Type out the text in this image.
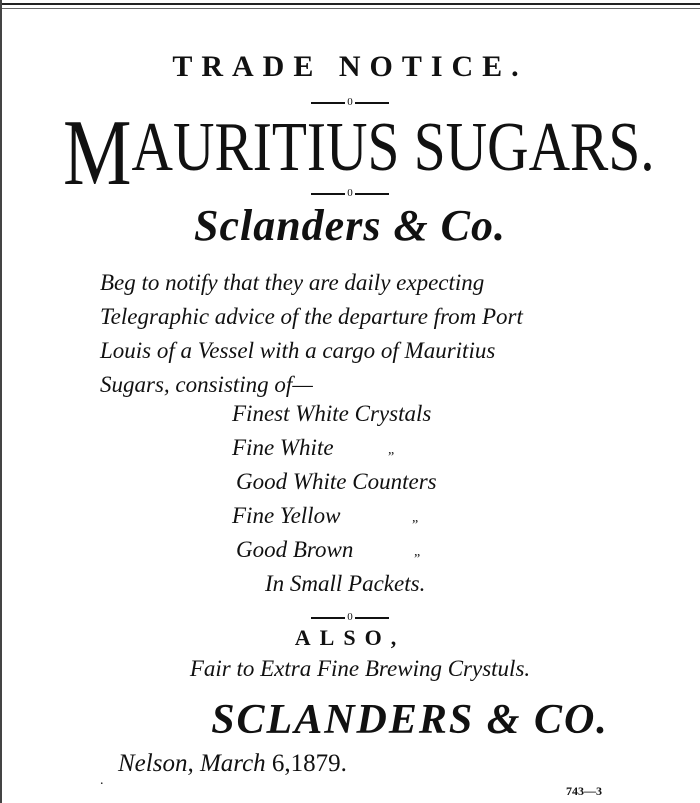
TRADE NOTICE.
0
MAURITIUS SUGARS.
0
Sclanders & Co.
Beg to notify that they are daily expecting
Telegraphic advice of the departure from Port
Louis of a Vessel with a cargo of Mauritius
Sugars, consisting of—
Finest White Crystals
Fine White	”
Good White Counters
Fine Yellow	”
Good Brown	”
In Small Packets.
0
ALSO,
Fair to Extra Fine Brewing Crystuls.
SCLANDERS & CO.
.
Nelson, March 6,1879.
743—3
